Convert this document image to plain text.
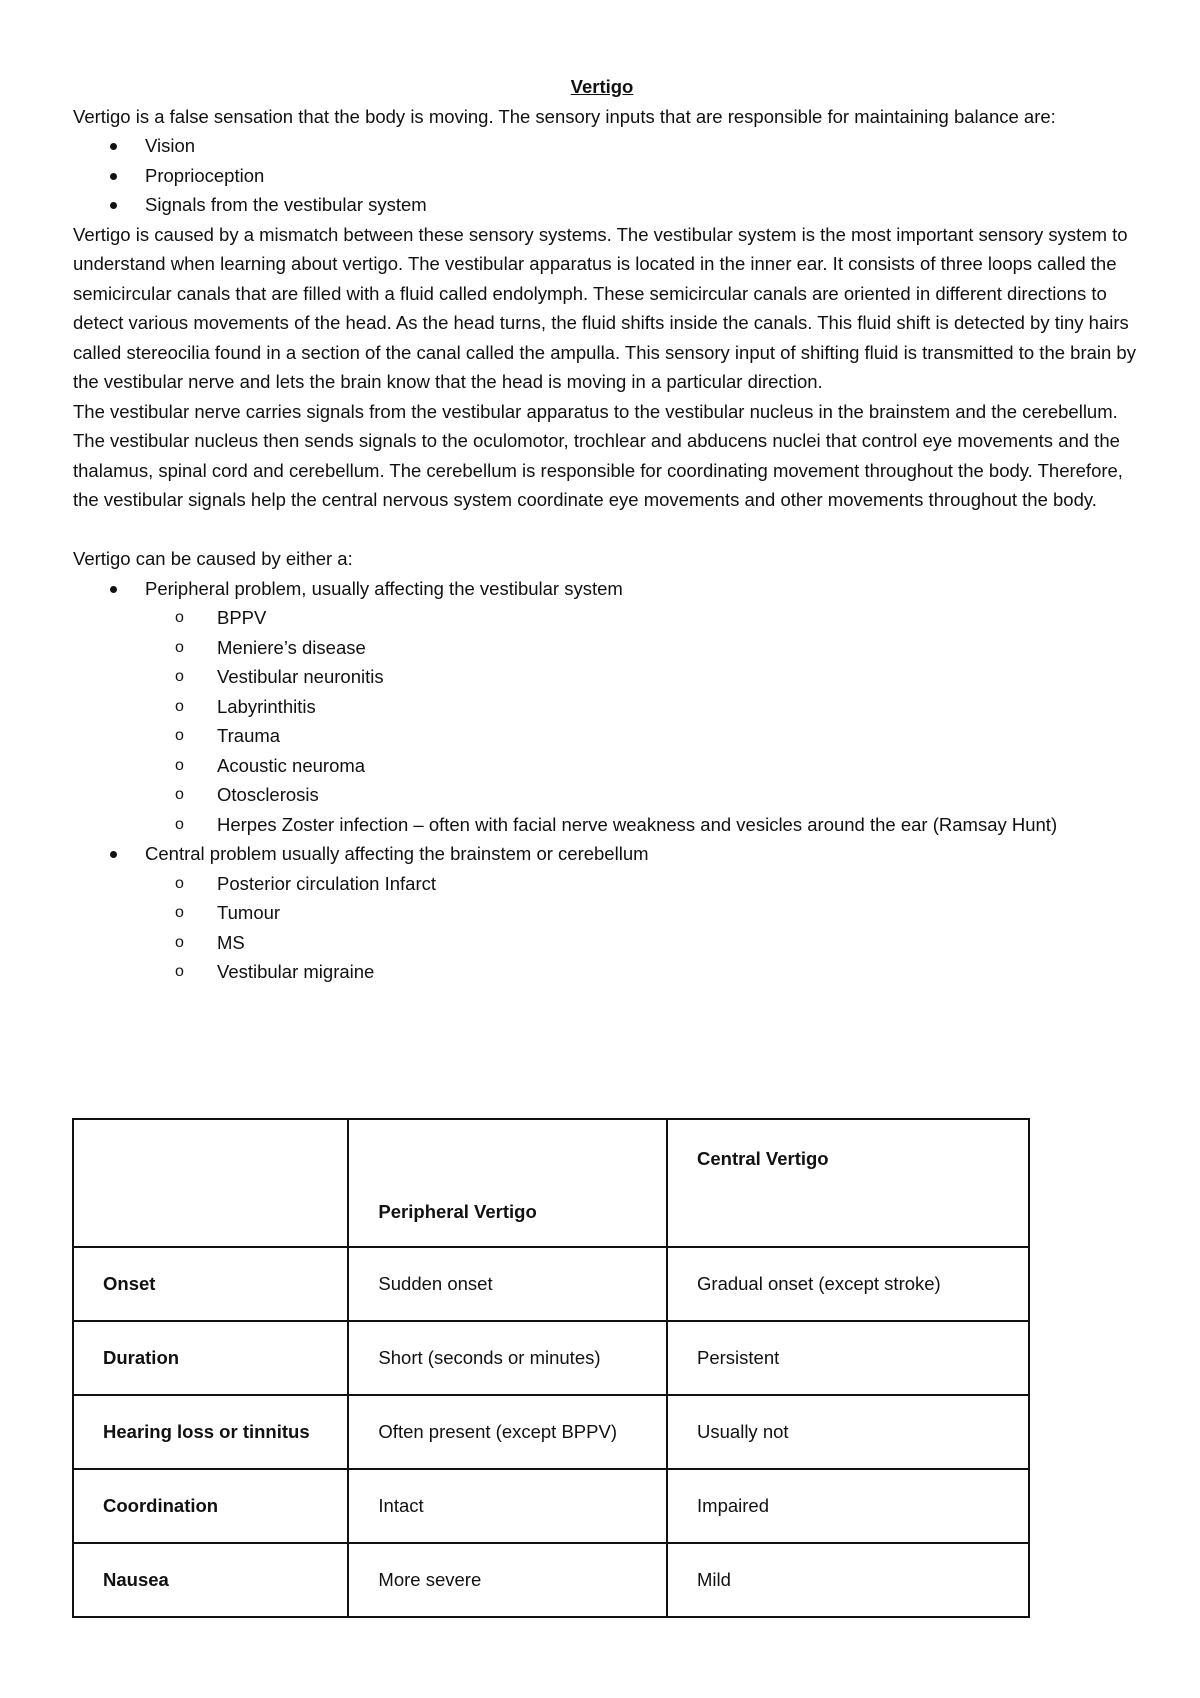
Vertigo

Vertigo is a false sensation that the body is moving. The sensory inputs that are responsible for maintaining balance are:

Vision
Proprioception
Signals from the vestibular system

Vertigo is caused by a mismatch between these sensory systems. The vestibular system is the most important sensory system to understand when learning about vertigo. The vestibular apparatus is located in the inner ear. It consists of three loops called the semicircular canals that are filled with a fluid called endolymph. These semicircular canals are oriented in different directions to detect various movements of the head. As the head turns, the fluid shifts inside the canals. This fluid shift is detected by tiny hairs called stereocilia found in a section of the canal called the ampulla. This sensory input of shifting fluid is transmitted to the brain by the vestibular nerve and lets the brain know that the head is moving in a particular direction.

The vestibular nerve carries signals from the vestibular apparatus to the vestibular nucleus in the brainstem and the cerebellum. The vestibular nucleus then sends signals to the oculomotor, trochlear and abducens nuclei that control eye movements and the thalamus, spinal cord and cerebellum. The cerebellum is responsible for coordinating movement throughout the body. Therefore, the vestibular signals help the central nervous system coordinate eye movements and other movements throughout the body.

Vertigo can be caused by either a:

Peripheral problem, usually affecting the vestibular system
o BPPV
o Meniere’s disease
o Vestibular neuronitis
o Labyrinthitis
o Trauma
o Acoustic neuroma
o Otosclerosis
o Herpes Zoster infection – often with facial nerve weakness and vesicles around the ear (Ramsay Hunt)
Central problem usually affecting the brainstem or cerebellum
o Posterior circulation Infarct
o Tumour
o MS
o Vestibular migraine
	Peripheral Vertigo	Central Vertigo
Onset	Sudden onset	Gradual onset (except stroke)
Duration	Short (seconds or minutes)	Persistent
Hearing loss or tinnitus	Often present (except BPPV)	Usually not
Coordination	Intact	Impaired
Nausea	More severe	Mild
